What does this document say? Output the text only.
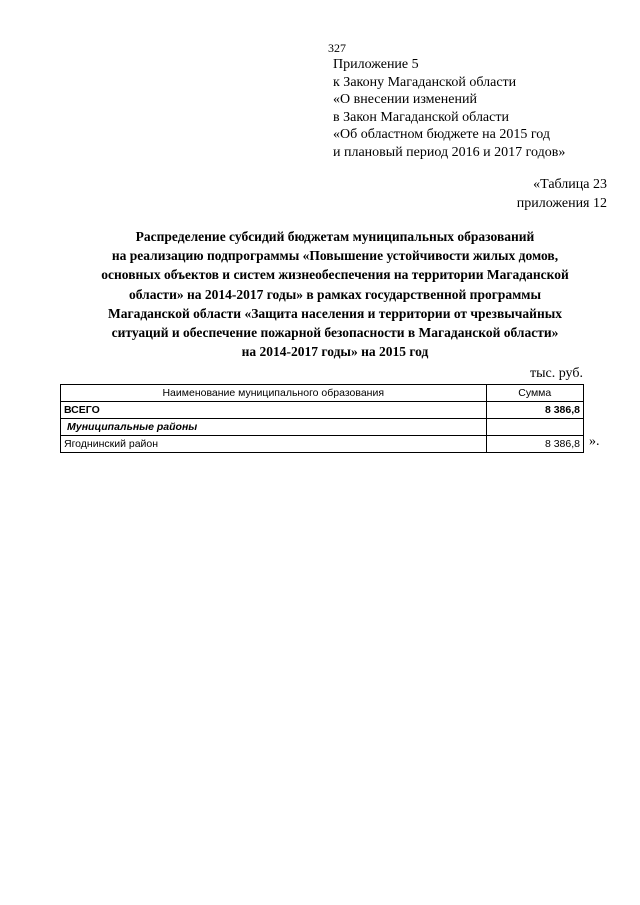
327
Приложение 5
к Закону Магаданской области
«О внесении изменений
в Закон Магаданской области
«Об областном бюджете на 2015 год
и плановый период 2016 и 2017 годов»
«Таблица 23
приложения 12
Распределение субсидий бюджетам муниципальных образований
на реализацию подпрограммы «Повышение устойчивости жилых домов,
основных объектов и систем жизнеобеспечения на территории Магаданской
области» на 2014-2017 годы» в рамках государственной программы
Магаданской области «Защита населения и территории от чрезвычайных
ситуаций и обеспечение пожарной безопасности в Магаданской области»
на 2014-2017 годы» на 2015 год
тыс. руб.
Наименование муниципального образования	Сумма
ВСЕГО	8 386,8
Муниципальные районы	
Ягоднинский район	8 386,8 ».
